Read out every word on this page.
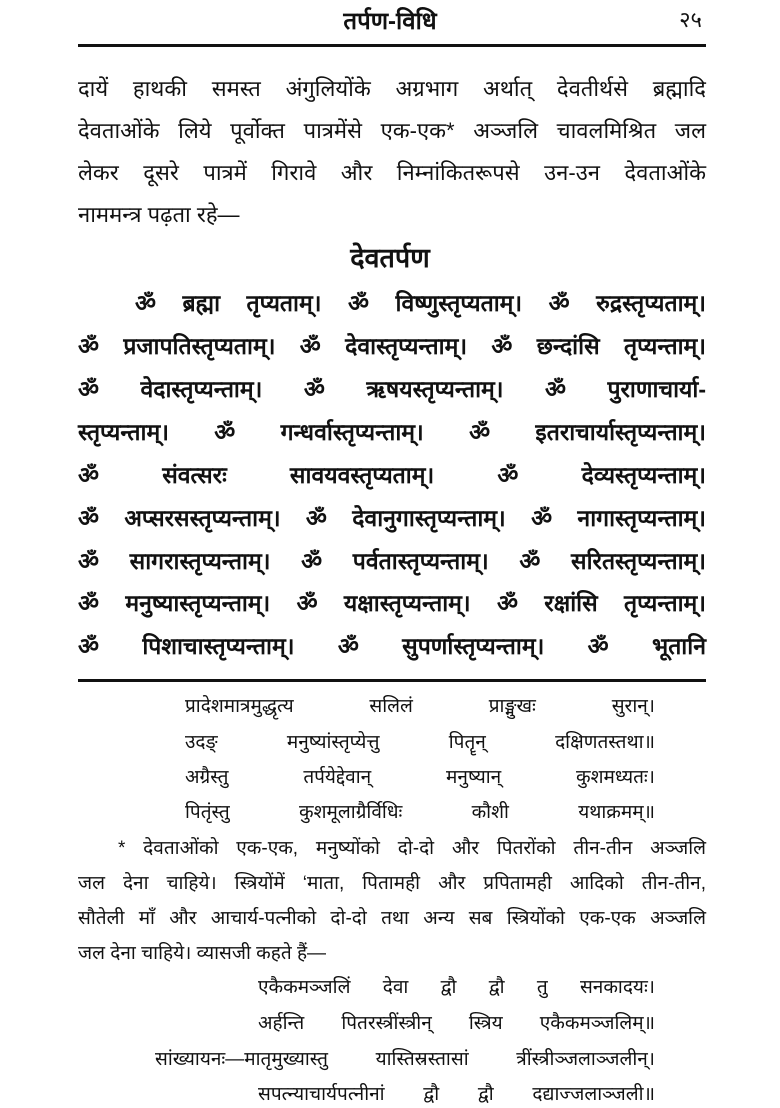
तर्पण-विधि	२५
दायें हाथकी समस्त अंगुलियोंके अग्रभाग अर्थात् देवतीर्थसे ब्रह्मादि
देवताओंके लिये पूर्वोक्त पात्रमेंसे एक-एक* अञ्जलि चावलमिश्रित जल
लेकर दूसरे पात्रमें गिरावे और निम्नांकितरूपसे उन-उन देवताओंके
नाममन्त्र पढ़ता रहे—
देवतर्पण
ॐ ब्रह्मा तृप्यताम्। ॐ विष्णुस्तृप्यताम्। ॐ रुद्रस्तृप्यताम्।
ॐ प्रजापतिस्तृप्यताम्। ॐ देवास्तृप्यन्ताम्। ॐ छन्दांसि तृप्यन्ताम्।
ॐ वेदास्तृप्यन्ताम्। ॐ ऋषयस्तृप्यन्ताम्। ॐ पुराणाचार्या-
स्तृप्यन्ताम्। ॐ गन्धर्वास्तृप्यन्ताम्। ॐ इतराचार्यास्तृप्यन्ताम्।
ॐ संवत्सरः सावयवस्तृप्यताम्। ॐ देव्यस्तृप्यन्ताम्।
ॐ अप्सरसस्तृप्यन्ताम्। ॐ देवानुगास्तृप्यन्ताम्। ॐ नागास्तृप्यन्ताम्।
ॐ सागरास्तृप्यन्ताम्। ॐ पर्वतास्तृप्यन्ताम्। ॐ सरितस्तृप्यन्ताम्।
ॐ मनुष्यास्तृप्यन्ताम्। ॐ यक्षास्तृप्यन्ताम्। ॐ रक्षांसि तृप्यन्ताम्।
ॐ पिशाचास्तृप्यन्ताम्। ॐ सुपर्णास्तृप्यन्ताम्। ॐ भूतानि
प्रादेशमात्रमुद्धृत्य	सलिलं	प्राङ्मुखः	सुरान्।
उदङ्	मनुष्यांस्तृप्येत्तु	पितॄन्	दक्षिणतस्तथा॥
अग्रैस्तु	तर्पयेद्देवान्	मनुष्यान्	कुशमध्यतः।
पितृंस्तु	कुशमूलाग्रैर्विधिः	कौशी	यथाक्रमम्॥
* देवताओंको एक-एक, मनुष्योंको दो-दो और पितरोंको तीन-तीन अञ्जलि
जल देना चाहिये। स्त्रियोंमें ‘माता, पितामही और प्रपितामही आदिको तीन-तीन,
सौतेली माँ और आचार्य-पत्नीको दो-दो तथा अन्य सब स्त्रियोंको एक-एक अञ्जलि
जल देना चाहिये। व्यासजी कहते हैं—
एकैकमञ्जलिं देवा द्वौ द्वौ तु सनकादयः।
अर्हन्ति पितरस्त्रींस्त्रीन् स्त्रिय एकैकमञ्जलिम्॥
सांख्यायनः—मातृमुख्यास्तु	यास्तिस्रस्तासां	त्रींस्त्रीञ्जलाञ्जलीन्।
सपत्न्याचार्यपत्नीनां द्वौ द्वौ दद्याज्जलाञ्जली॥
